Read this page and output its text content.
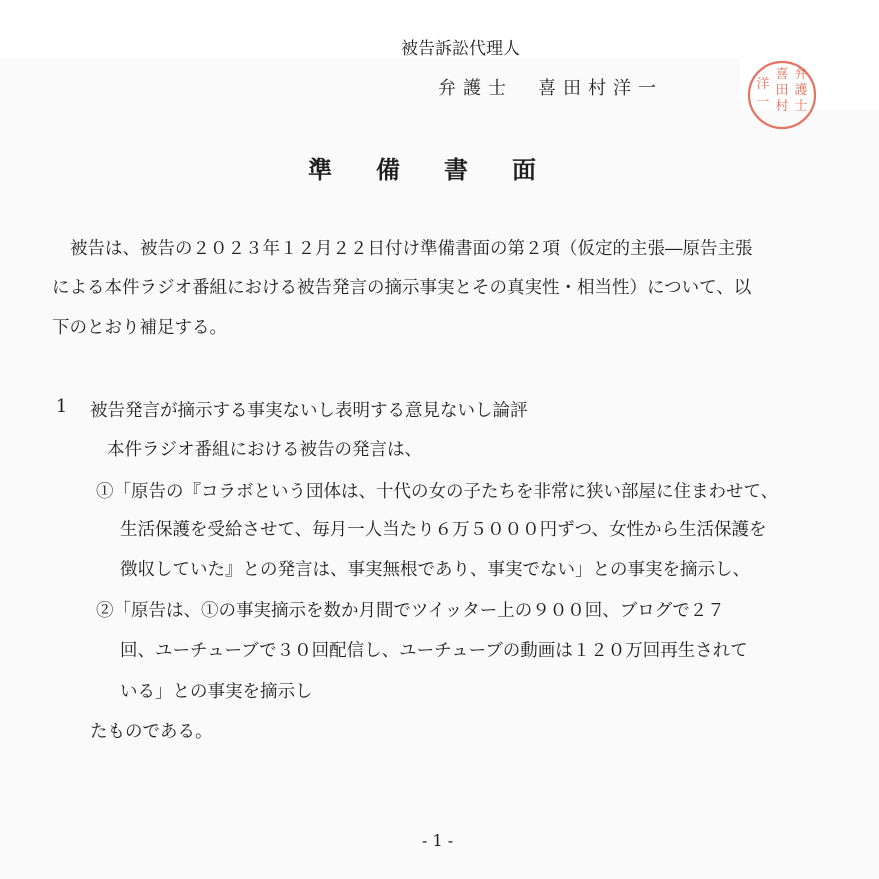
被告訴訟代理人
弁護士　喜田村洋一
弁
護
士
喜
田
村
洋
一
準備書面
被告は、被告の２０２３年１２月２２日付け準備書面の第２項（仮定的主張―原告主張
による本件ラジオ番組における被告発言の摘示事実とその真実性・相当性）について、以
下のとおり補足する。
1 被告発言が摘示する事実ないし表明する意見ないし論評
本件ラジオ番組における被告の発言は、
①「原告の『コラボという団体は、十代の女の子たちを非常に狭い部屋に住まわせて、
生活保護を受給させて、毎月一人当たり６万５０００円ずつ、女性から生活保護を
徴収していた』との発言は、事実無根であり、事実でない」との事実を摘示し、
②「原告は、①の事実摘示を数か月間でツイッター上の９００回、ブログで２７
回、ユーチューブで３０回配信し、ユーチューブの動画は１２０万回再生されて
いる」との事実を摘示し
たものである。
- 1 -
